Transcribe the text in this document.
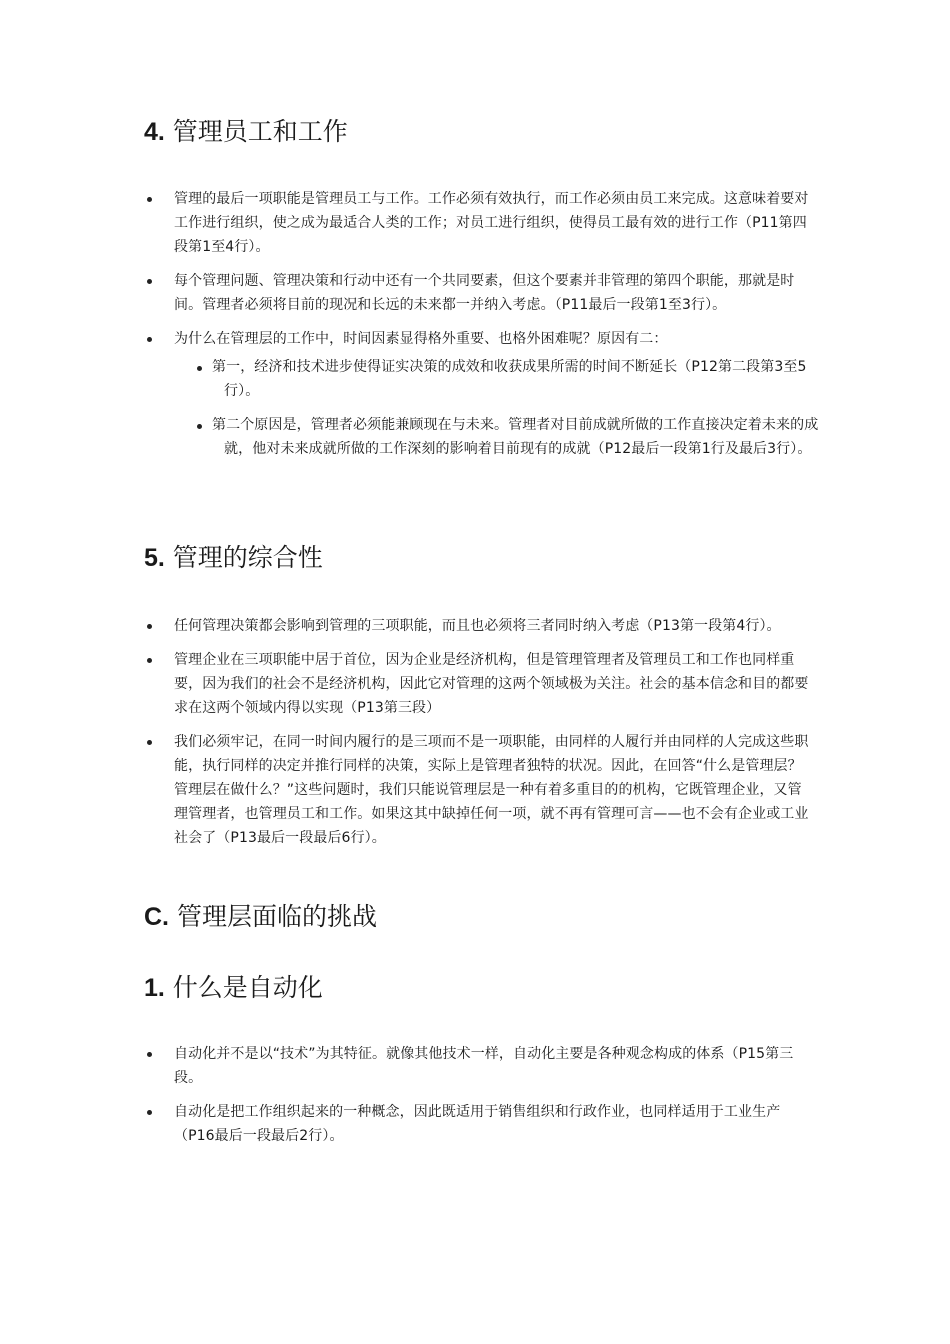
4. 管理员工和工作
管理的最后一项职能是管理员工与工作。工作必须有效执行，而工作必须由员工来完成。这意味着要对工作进行组织，使之成为最适合人类的工作；对员工进行组织，使得员工最有效的进行工作（P11第四段第1至4行）。
每个管理问题、管理决策和行动中还有一个共同要素，但这个要素并非管理的第四个职能，那就是时间。管理者必须将目前的现况和长远的未来都一并纳入考虑。（P11最后一段第1至3行）。
为什么在管理层的工作中，时间因素显得格外重要、也格外困难呢？原因有二：
第一，经济和技术进步使得证实决策的成效和收获成果所需的时间不断延长（P12第二段第3至5行）。
第二个原因是，管理者必须能兼顾现在与未来。管理者对目前成就所做的工作直接决定着未来的成就，他对未来成就所做的工作深刻的影响着目前现有的成就（P12最后一段第1行及最后3行）。
5. 管理的综合性
任何管理决策都会影响到管理的三项职能，而且也必须将三者同时纳入考虑（P13第一段第4行）。
管理企业在三项职能中居于首位，因为企业是经济机构，但是管理管理者及管理员工和工作也同样重要，因为我们的社会不是经济机构，因此它对管理的这两个领域极为关注。社会的基本信念和目的都要求在这两个领域内得以实现（P13第三段）
我们必须牢记，在同一时间内履行的是三项而不是一项职能，由同样的人履行并由同样的人完成这些职能，执行同样的决定并推行同样的决策，实际上是管理者独特的状况。因此，在回答“什么是管理层？管理层在做什么？”这些问题时，我们只能说管理层是一种有着多重目的的机构，它既管理企业，又管理管理者，也管理员工和工作。如果这其中缺掉任何一项，就不再有管理可言——也不会有企业或工业社会了（P13最后一段最后6行）。
C. 管理层面临的挑战
1. 什么是自动化
自动化并不是以“技术”为其特征。就像其他技术一样，自动化主要是各种观念构成的体系（P15第三段。
自动化是把工作组织起来的一种概念，因此既适用于销售组织和行政作业，也同样适用于工业生产（P16最后一段最后2行）。
